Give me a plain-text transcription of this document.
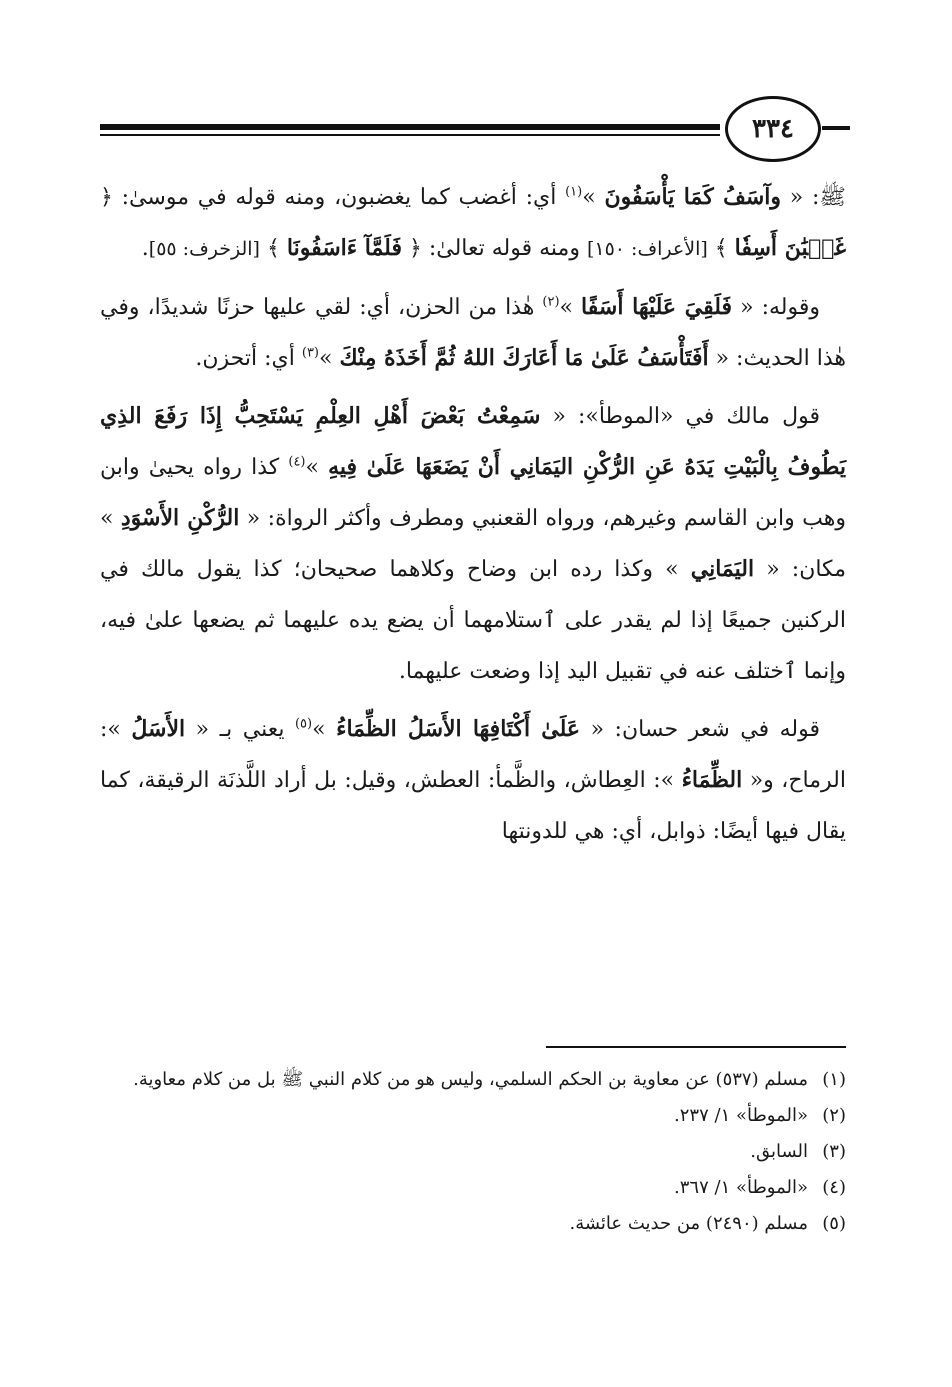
٣٣٤

ﷺ: « وآسَفُ كَمَا يَأْسَفُونَ »$^{(١)}$ أي: أغضب كما يغضبون، ومنه قوله في موسىٰ: ﴿ غَضۡبَٰنَ أَسِفٗا ﴾ [الأعراف: ١٥٠] ومنه قوله تعالىٰ: ﴿ فَلَمَّآ ءَاسَفُونَا ﴾ [الزخرف: ٥٥].

وقوله: « فَلَقِيَ عَلَيْهَا أَسَفًا »$^{(٢)}$ هٰذا من الحزن، أي: لقي عليها حزنًا شديدًا، وفي هٰذا الحديث: « أَفَتَأْسَفُ عَلَىٰ مَا أَعَارَكَ اللهُ ثُمَّ أَخَذَهُ مِنْكَ »$^{(٣)}$ أي: أتحزن.

قول مالك في «الموطأ»: « سَمِعْتُ بَعْضَ أَهْلِ العِلْمِ يَسْتَحِبُّ إِذَا رَفَعَ الذِي يَطُوفُ بِالْبَيْتِ يَدَهُ عَنِ الرُّكْنِ اليَمَانِي أَنْ يَضَعَهَا عَلَىٰ فِيهِ »$^{(٤)}$ كذا رواه يحيىٰ وابن وهب وابن القاسم وغيرهم، ورواه القعنبي ومطرف وأكثر الرواة: « الرُّكْنِ الأَسْوَدِ » مكان: « اليَمَانِي » وكذا رده ابن وضاح وكلاهما صحيحان؛ كذا يقول مالك في الركنين جميعًا إذا لم يقدر على ٱستلامهما أن يضع يده عليهما ثم يضعها علىٰ فيه، وإنما ٱختلف عنه في تقبيل اليد إذا وضعت عليهما.

قوله في شعر حسان: « عَلَىٰ أَكْتَافِهَا الأَسَلُ الظِّمَاءُ »$^{(٥)}$ يعني بـ « الأَسَلُ »: الرماح، و« الظِّمَاءُ »: العِطاش، والظَّمأ: العطش، وقيل: بل أراد اللَّذنَة الرقيقة، كما يقال فيها أيضًا: ذوابل، أي: هي للدونتها

(١)
مسلم (٥٣٧) عن معاوية بن الحكم السلمي، وليس هو من كلام النبي ﷺ بل من كلام معاوية.
(٢)
«الموطأ» ١/ ٢٣٧.
(٣)
السابق.
(٤)
«الموطأ» ١/ ٣٦٧.
(٥)
مسلم (٢٤٩٠) من حديث عائشة.
